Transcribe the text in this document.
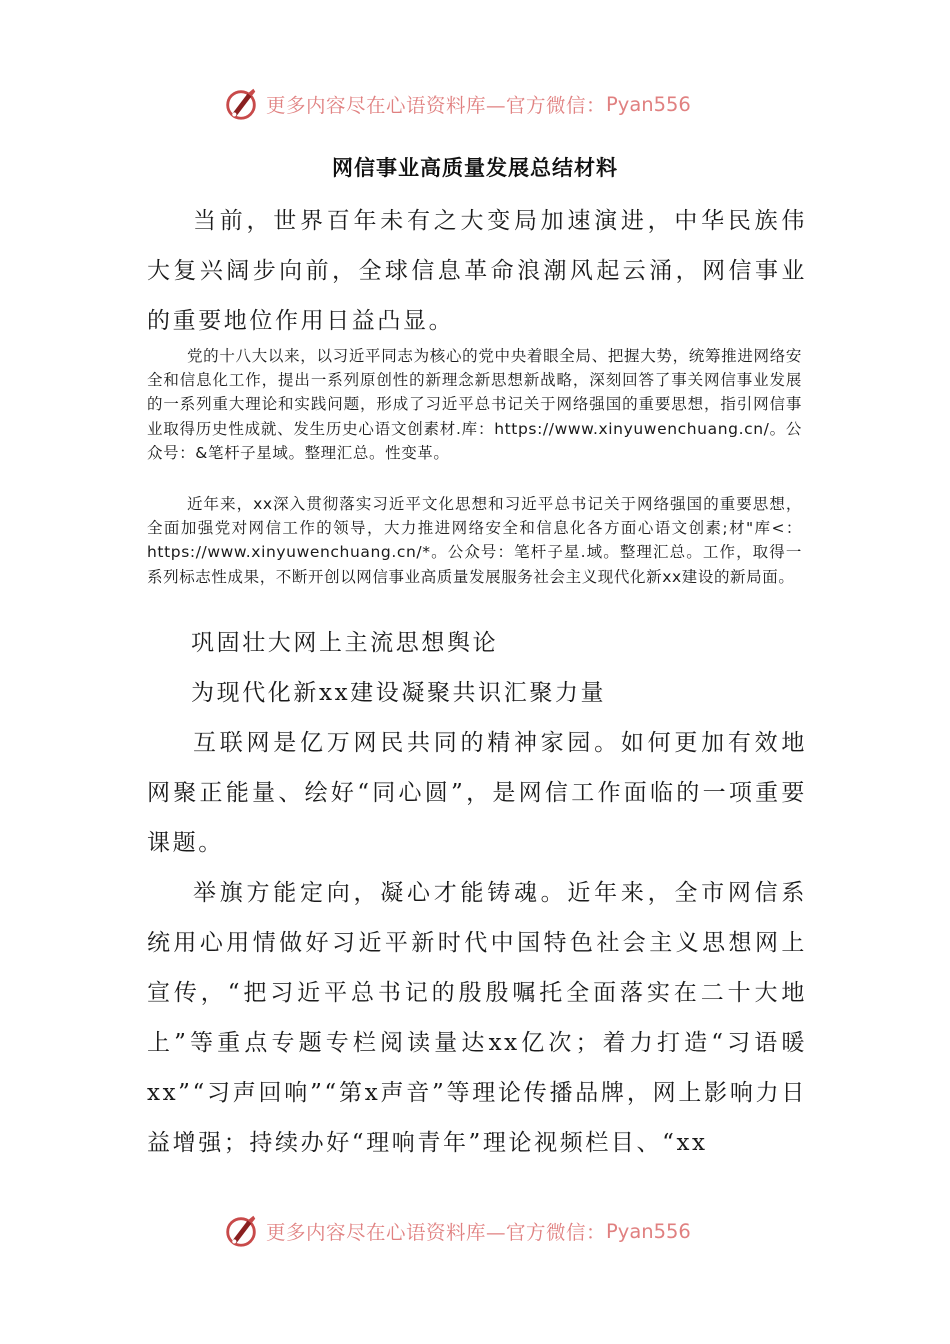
更多内容尽在心语资料库—官方微信： Pyan556
网信事业高质量发展总结材料

当前，世界百年未有之大变局加速演进，中华民族伟大复兴阔步向前，全球信息革命浪潮风起云涌，网信事业的重要地位作用日益凸显。

党的十八大以来，以习近平同志为核心的党中央着眼全局、把握大势，统筹推进网络安全和信息化工作，提出一系列原创性的新理念新思想新战略，深刻回答了事关网信事业发展的一系列重大理论和实践问题，形成了习近平总书记关于网络强国的重要思想，指引网信事业取得历史性成就、发生历史心语文创素材.库：https://www.xinyuwenchuang.cn/。公众号：&笔杆子星域。整理汇总。性变革。

近年来，xx深入贯彻落实习近平文化思想和习近平总书记关于网络强国的重要思想，全面加强党对网信工作的领导，大力推进网络安全和信息化各方面心语文创素;材"库<：https://www.xinyuwenchuang.cn/*。公众号：笔杆子星.域。整理汇总。工作，取得一系列标志性成果，不断开创以网信事业高质量发展服务社会主义现代化新xx建设的新局面。

巩固壮大网上主流思想舆论

为现代化新xx建设凝聚共识汇聚力量

互联网是亿万网民共同的精神家园。如何更加有效地网聚正能量、绘好“同心圆”，是网信工作面临的一项重要课题。

举旗方能定向，凝心才能铸魂。近年来，全市网信系统用心用情做好习近平新时代中国特色社会主义思想网上宣传，“把习近平总书记的殷殷嘱托全面落实在二十大地上”等重点专题专栏阅读量达xx亿次；着力打造“习语暖xx”“习声回响”“第x声音”等理论传播品牌，网上影响力日益增强；持续办好“理响青年”理论视频栏目、“xx

更多内容尽在心语资料库—官方微信： Pyan556
